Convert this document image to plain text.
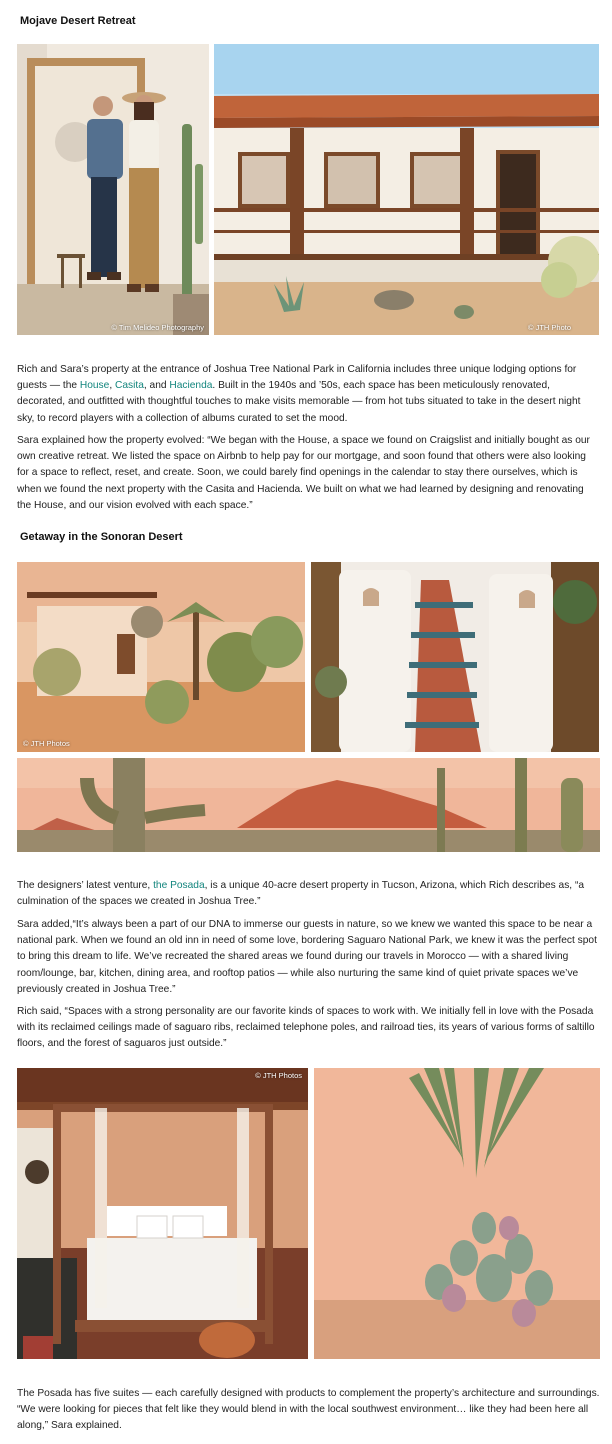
Mojave Desert Retreat
© Tim Melideo Photography	© JTH Photo

Rich and Sara’s property at the entrance of Joshua Tree National Park in California includes three unique lodging options for guests — the House, Casita, and Hacienda. Built in the 1940s and ’50s, each space has been meticulously renovated, decorated, and outfitted with thoughtful touches to make visits memorable — from hot tubs situated to take in the desert night sky, to record players with a collection of albums curated to set the mood.

Sara explained how the property evolved: “We began with the House, a space we found on Craigslist and initially bought as our own creative retreat. We listed the space on Airbnb to help pay for our mortgage, and soon found that others were also looking for a space to reflect, reset, and create. Soon, we could barely find openings in the calendar to stay there ourselves, which is when we found the next property with the Casita and Hacienda. We built on what we had learned by designing and renovating the House, and our vision evolved with each space.”

Getaway in the Sonoran Desert
© JTH Photos

The designers’ latest venture, the Posada, is a unique 40-acre desert property in Tucson, Arizona, which Rich describes as, “a culmination of the spaces we created in Joshua Tree.”

Sara added,“It’s always been a part of our DNA to immerse our guests in nature, so we knew we wanted this space to be near a national park. When we found an old inn in need of some love, bordering Saguaro National Park, we knew it was the perfect spot to bring this dream to life. We’ve recreated the shared areas we found during our travels in Morocco — with a shared living room/lounge, bar, kitchen, dining area, and rooftop patios — while also nurturing the same kind of quiet private spaces we’ve previously created in Joshua Tree.”

Rich said, “Spaces with a strong personality are our favorite kinds of spaces to work with. We initially fell in love with the Posada with its reclaimed ceilings made of saguaro ribs, reclaimed telephone poles, and railroad ties, its years of various forms of saltillo floors, and the forest of saguaros just outside.”

© JTH Photos

The Posada has five suites — each carefully designed with products to complement the property’s architecture and surroundings. “We were looking for pieces that felt like they would blend in with the local southwest environment… like they had been here all along,” Sara explained.
